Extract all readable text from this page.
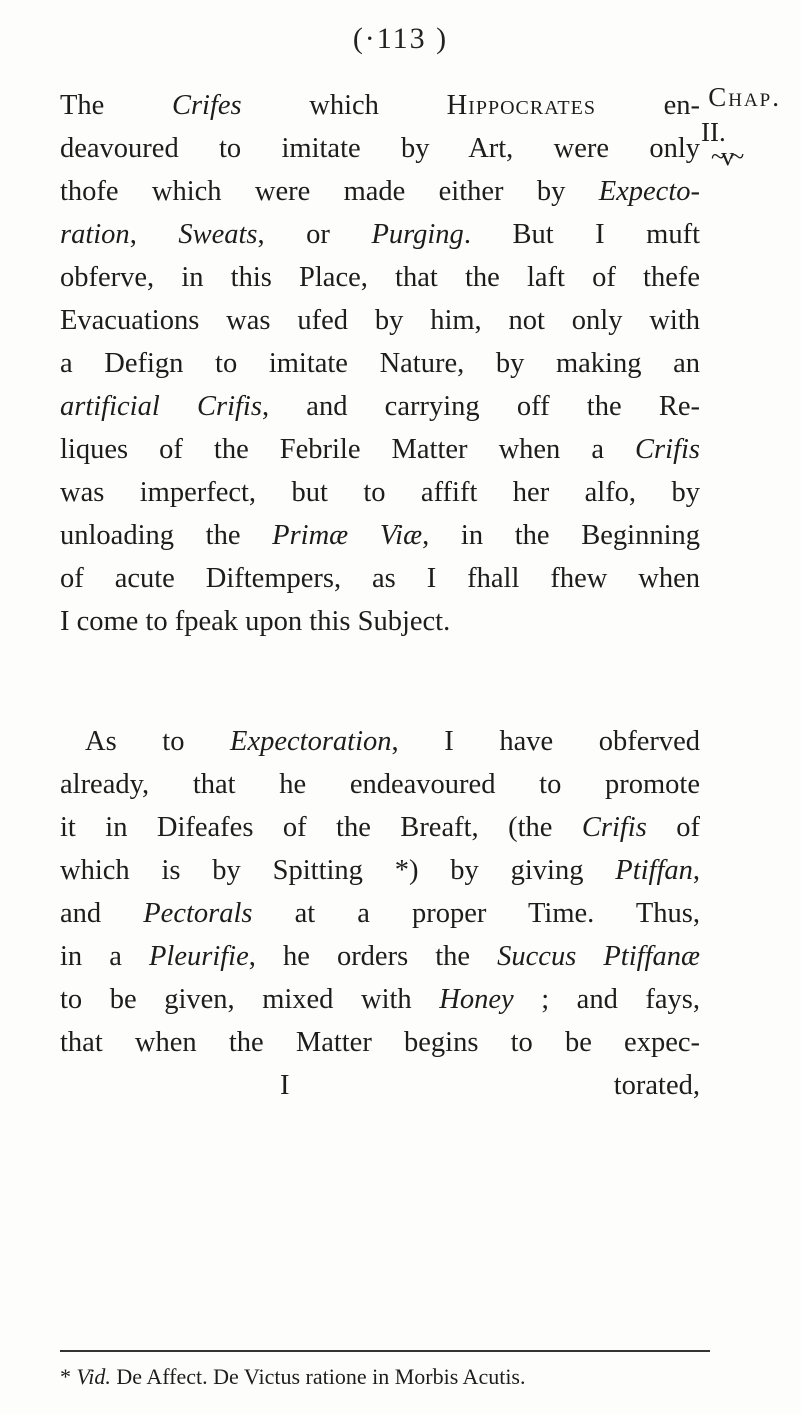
(·113 )
Chap.
II.
~v~
The Crifes which Hippocrates en-
deavoured to imitate by Art, were only
thofe which were made either by Expecto-
ration, Sweats, or Purging. But I muft
obferve, in this Place, that the laft of thefe
Evacuations was ufed by him, not only with
a Defign to imitate Nature, by making an
artificial Crifis, and carrying off the Re-
liques of the Febrile Matter when a Crifis
was imperfect, but to affift her alfo, by
unloading the Primæ Viæ, in the Beginning
of acute Diftempers, as I fhall fhew when
I come to fpeak upon this Subject.
As to Expectoration, I have obferved
already, that he endeavoured to promote
it in Difeafes of the Breaft, (the Crifis of
which is by Spitting *) by giving Ptiffan,
and Pectorals at a proper Time. Thus,
in a Pleurifie, he orders the Succus Ptiffanæ
to be given, mixed with Honey ; and fays,
that when the Matter begins to be expec-
I	torated,
* Vid. De Affect. De Victus ratione in Morbis Acutis.
